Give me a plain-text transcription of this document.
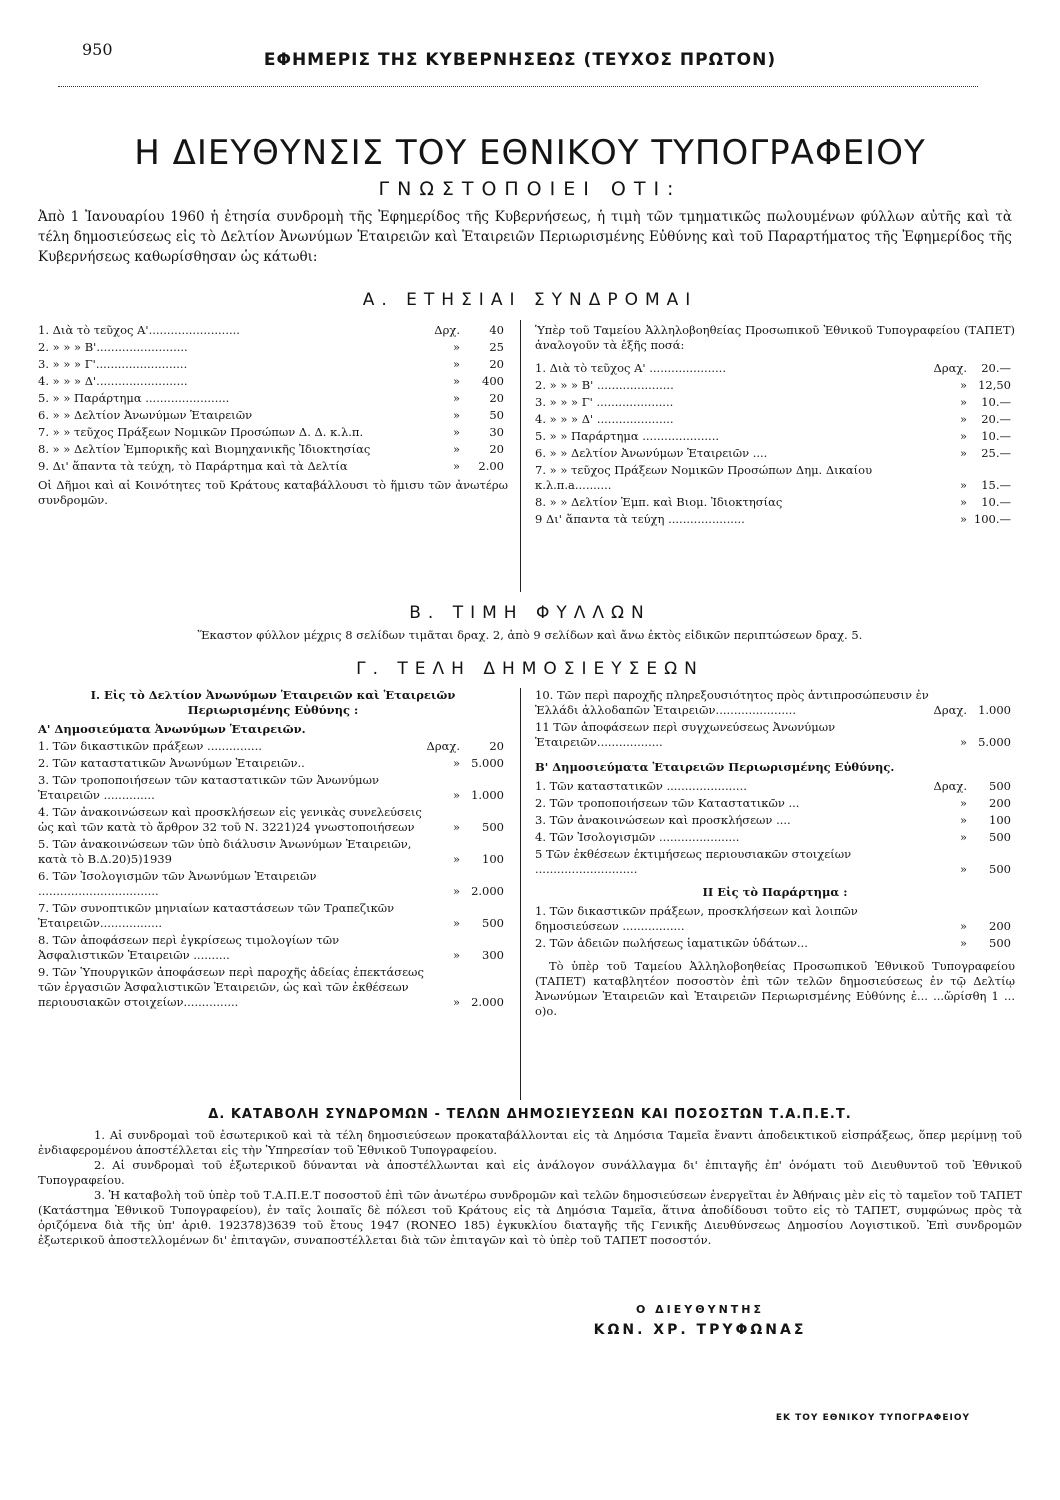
950
ΕΦΗΜΕΡΙΣ ΤΗΣ ΚΥΒΕΡΝΗΣΕΩΣ (ΤΕΥΧΟΣ ΠΡΩΤΟΝ)
Η ΔΙΕΥΘΥΝΣΙΣ ΤΟΥ ΕΘΝΙΚΟΥ ΤΥΠΟΓΡΑΦΕΙΟΥ
ΓΝΩΣΤΟΠΟΙΕΙ ΟΤΙ:
Ἀπὸ 1 Ἰανουαρίου 1960 ἡ ἐτησία συνδρομὴ τῆς Ἐφημερίδος τῆς Κυβερνήσεως, ἡ τιμὴ τῶν τμηματικῶς πωλουμένων φύλλων αὐτῆς καὶ τὰ τέλη δημοσιεύσεως εἰς τὸ Δελτίον Ἀνωνύμων Ἑταιρειῶν καὶ Ἑταιρειῶν Περιωρισμένης Εὐθύνης καὶ τοῦ Παραρτήματος τῆς Ἐφημερίδος τῆς Κυβερνήσεως καθωρίσθησαν ὡς κάτωθι:
Α. ΕΤΗΣΙΑΙ ΣΥΝΔΡΟΜΑΙ
1. Διὰ τὸ τεῦχος Α'.........................	Δρχ.	40
2. » » » Β'.........................	»	25
3. » » » Γ'.........................	»	20
4. » » » Δ'.........................	» 400
5. » » Παράρτημα .......................	»	20
6. » » Δελτίον Ἀνωνύμων Ἑταιρειῶν	»	50
7. » » τεῦχος Πράξεων Νομικῶν Προσώπων Δ. Δ. κ.λ.π.	»	30
8. » » Δελτίον Ἐμπορικῆς καὶ Βιομηχανικῆς Ἰδιοκτησίας	»	20
9. Δι' ἅπαντα τὰ τεύχη, τὸ Παράρτημα καὶ τὰ Δελτία	» 2.00
Οἱ Δῆμοι καὶ αἱ Κοινότητες τοῦ Κράτους καταβάλλουσι τὸ ἥμισυ τῶν ἀνωτέρω συνδρομῶν.
Ὑπὲρ τοῦ Ταμείου Ἀλληλοβοηθείας Προσωπικοῦ Ἐθνικοῦ Τυπογραφείου (ΤΑΠΕΤ) ἀναλογοῦν τὰ ἑξῆς ποσά:
1. Διὰ τὸ τεῦχος Α' .....................	Δραχ. 20.—
2. » » » Β' .....................	» 12,50
3. » » » Γ' .....................	» 10.—
4. » » » Δ' .....................	» 20.—
5. » » Παράρτημα .....................	» 10.—
6. » » Δελτίον Ἀνωνύμων Ἑταιρειῶν ....	» 25.—
7. » » τεῦχος Πράξεων Νομικῶν Προσώπων Δημ. Δικαίου κ.λ.π.a..........	» 15.—
8. » » Δελτίον Ἐμπ. καὶ Βιομ. Ἰδιοκτησίας	» 10.—
9 Δι' ἅπαντα τὰ τεύχη .....................	» 100.—
Β. ΤΙΜΗ ΦΥΛΛΩΝ
Ἕκαστον φύλλον μέχρις 8 σελίδων τιμᾶται δραχ. 2, ἀπὸ 9 σελίδων καὶ ἄνω ἐκτὸς εἰδικῶν περιπτώσεων δραχ. 5.
Γ. ΤΕΛΗ ΔΗΜΟΣΙΕΥΣΕΩΝ
Ι. Εἰς τὸ Δελτίον Ἀνωνύμων Ἑταιρειῶν καὶ Ἑταιρειῶν Περιωρισμένης Εὐθύνης :
Α' Δημοσιεύματα Ἀνωνύμων Ἑταιρειῶν.
1. Τῶν δικαστικῶν πράξεων ...............	Δραχ.	20
2. Τῶν καταστατικῶν Ἀνωνύμων Ἑταιρειῶν..	» 5.000
3. Τῶν τροποποιήσεων τῶν καταστατικῶν τῶν Ἀνωνύμων Ἑταιρειῶν ..............	» 1.000
4. Τῶν ἀνακοινώσεων καὶ προσκλήσεων εἰς γενικὰς συνελεύσεις ὡς καὶ τῶν κατὰ τὸ ἄρθρον 32 τοῦ Ν. 3221)24 γνωστοποιήσεων	» 500
5. Τῶν ἀνακοινώσεων τῶν ὑπὸ διάλυσιν Ἀνωνύμων Ἑταιρειῶν, κατὰ τὸ Β.Δ.20)5)1939	» 100
6. Τῶν Ἰσολογισμῶν τῶν Ἀνωνύμων Ἑταιρειῶν .................................	» 2.000
7. Τῶν συνοπτικῶν μηνιαίων καταστάσεων τῶν Τραπεζικῶν Ἑταιρειῶν.................	» 500
8. Τῶν ἀποφάσεων περὶ ἐγκρίσεως τιμολογίων τῶν Ἀσφαλιστικῶν Ἑταιρειῶν ..........	» 300
9. Τῶν Ὑπουργικῶν ἀποφάσεων περὶ παροχῆς ἀδείας ἐπεκτάσεως τῶν ἐργασιῶν Ἀσφαλιστικῶν Ἑταιρειῶν, ὡς καὶ τῶν ἐκθέσεων περιουσιακῶν στοιχείων...............	» 2.000
10. Τῶν περὶ παροχῆς πληρεξουσιότητος πρὸς ἀντιπροσώπευσιν ἐν Ἑλλάδι ἀλλοδαπῶν Ἑταιρειῶν......................	Δραχ. 1.000
11 Τῶν ἀποφάσεων περὶ συγχωνεύσεως Ἀνωνύμων Ἑταιρειῶν..................	» 5.000
Β' Δημοσιεύματα Ἑταιρειῶν Περιωρισμένης Εὐθύνης.
1. Τῶν καταστατικῶν ......................	Δραχ. 500
2. Τῶν τροποποιήσεων τῶν Καταστατικῶν ...	» 200
3. Τῶν ἀνακοινώσεων καὶ προσκλήσεων ....	» 100
4. Τῶν Ἰσολογισμῶν ......................	» 500
5 Τῶν ἐκθέσεων ἐκτιμήσεως περιουσιακῶν στοιχείων ............................	» 500
ΙΙ Εἰς τὸ Παράρτημα :
1. Τῶν δικαστικῶν πράξεων, προσκλήσεων καὶ λοιπῶν δημοσιεύσεων .................	» 200
2. Τῶν ἀδειῶν πωλήσεως ἰαματικῶν ὑδάτων...	» 500
Τὸ ὑπὲρ τοῦ Ταμείου Ἀλληλοβοηθείας Προσωπικοῦ Ἐθνικοῦ Τυπογραφείου (ΤΑΠΕΤ) καταβλητέον ποσοστὸν ἐπὶ τῶν τελῶν δημοσιεύσεως ἐν τῷ Δελτίῳ Ἀνωνύμων Ἑταιρειῶν καὶ Ἑταιρειῶν Περιωρισμένης Εὐθύνης ἐ... ...ὥρίσθη 1 ... ο)ο.
Δ. ΚΑΤΑΒΟΛΗ ΣΥΝΔΡΟΜΩΝ - ΤΕΛΩΝ ΔΗΜΟΣΙΕΥΣΕΩΝ ΚΑΙ ΠΟΣΟΣΤΩΝ Τ.Α.Π.Ε.Τ.
1. Αἱ συνδρομαὶ τοῦ ἐσωτερικοῦ καὶ τὰ τέλη δημοσιεύσεων προκαταβάλλονται εἰς τὰ Δημόσια Ταμεῖα ἔναντι ἀποδεικτικοῦ εἰσπράξεως, ὅπερ μερίμνῃ τοῦ ἐνδιαφερομένου ἀποστέλλεται εἰς τὴν Ὑπηρεσίαν τοῦ Ἐθνικοῦ Τυπογραφείου.
2. Αἱ συνδρομαὶ τοῦ ἐξωτερικοῦ δύνανται νὰ ἀποστέλλωνται καὶ εἰς ἀνάλογον συνάλλαγμα δι' ἐπιταγῆς ἐπ' ὀνόματι τοῦ Διευθυντοῦ τοῦ Ἐθνικοῦ Τυπογραφείου.
3. Ἡ καταβολὴ τοῦ ὑπὲρ τοῦ Τ.Α.Π.Ε.Τ ποσοστοῦ ἐπὶ τῶν ἀνωτέρω συνδρομῶν καὶ τελῶν δημοσιεύσεων ἐνεργεῖται ἐν Ἀθήναις μὲν εἰς τὸ ταμεῖον τοῦ ΤΑΠΕΤ (Κατάστημα Ἐθνικοῦ Τυπογραφείου), ἐν ταῖς λοιπαῖς δὲ πόλεσι τοῦ Κράτους εἰς τὰ Δημόσια Ταμεῖα, ἅτινα ἀποδίδουσι τοῦτο εἰς τὸ ΤΑΠΕΤ, συμφώνως πρὸς τὰ ὁριζόμενα διὰ τῆς ὑπ' ἀριθ. 192378)3639 τοῦ ἔτους 1947 (RONEO 185) ἐγκυκλίου διαταγῆς τῆς Γενικῆς Διευθύνσεως Δημοσίου Λογιστικοῦ. Ἐπὶ συνδρομῶν ἐξωτερικοῦ ἀποστελλομένων δι' ἐπιταγῶν, συναποστέλλεται διὰ τῶν ἐπιταγῶν καὶ τὸ ὑπὲρ τοῦ ΤΑΠΕΤ ποσοστόν.
Ο ΔΙΕΥΘΥΝΤΗΣ
ΚΩΝ. ΧΡ. ΤΡΥΦΩΝΑΣ
ΕΚ ΤΟΥ ΕΘΝΙΚΟΥ ΤΥΠΟΓΡΑΦΕΙΟΥ
